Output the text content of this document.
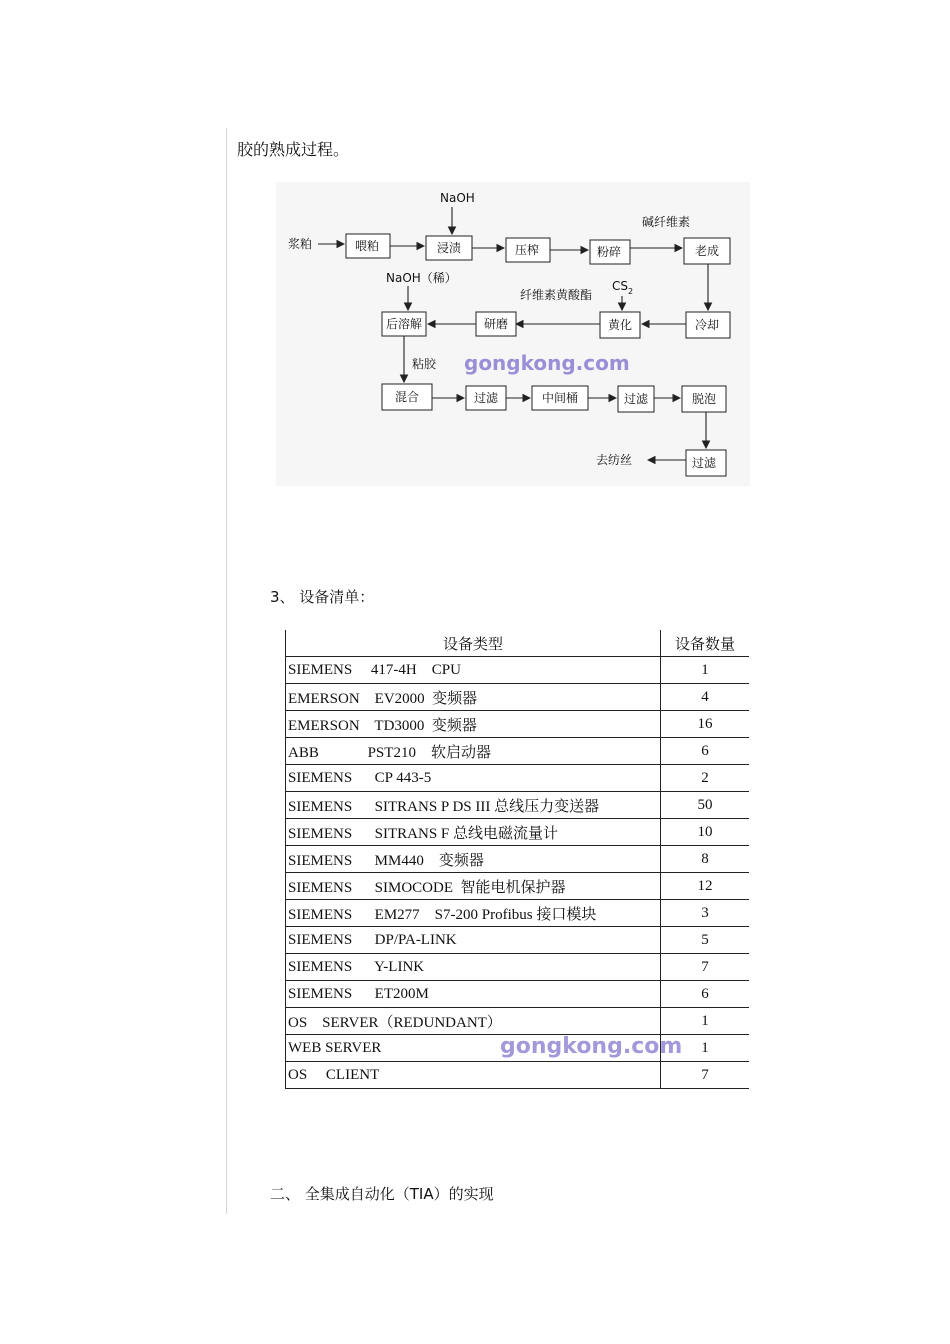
胶的熟成过程。
浆粕	喂粕
NaOH
浸渍	压榨	粉碎
碱纤维素
老成
冷却
$CS_2$
黄化
纤维素黄酸酯
研磨
NaOH（稀）
后溶解
粘胶 gongkong.com
混合	过滤	中间桶	过滤	脱泡
过滤
去纺丝
3、 设备清单：
设备类型	设备数量
SIEMENS     417-4H    CPU	1
EMERSON    EV2000  变频器	4
EMERSON    TD3000  变频器	16
ABB             PST210    软启动器	6
SIEMENS      CP 443-5	2
SIEMENS      SITRANS P DS III 总线压力变送器	50
SIEMENS      SITRANS F 总线电磁流量计	10
SIEMENS      MM440    变频器	8
SIEMENS      SIMOCODE  智能电机保护器	12
SIEMENS      EM277    S7-200 Profibus 接口模块	3
SIEMENS      DP/PA-LINK	5
SIEMENS      Y-LINK	7
SIEMENS      ET200M	6
OS    SERVER（REDUNDANT）	1
WEB SERVER	1
OS     CLIENT	7
gongkong.com
二、 全集成自动化（TIA）的实现
